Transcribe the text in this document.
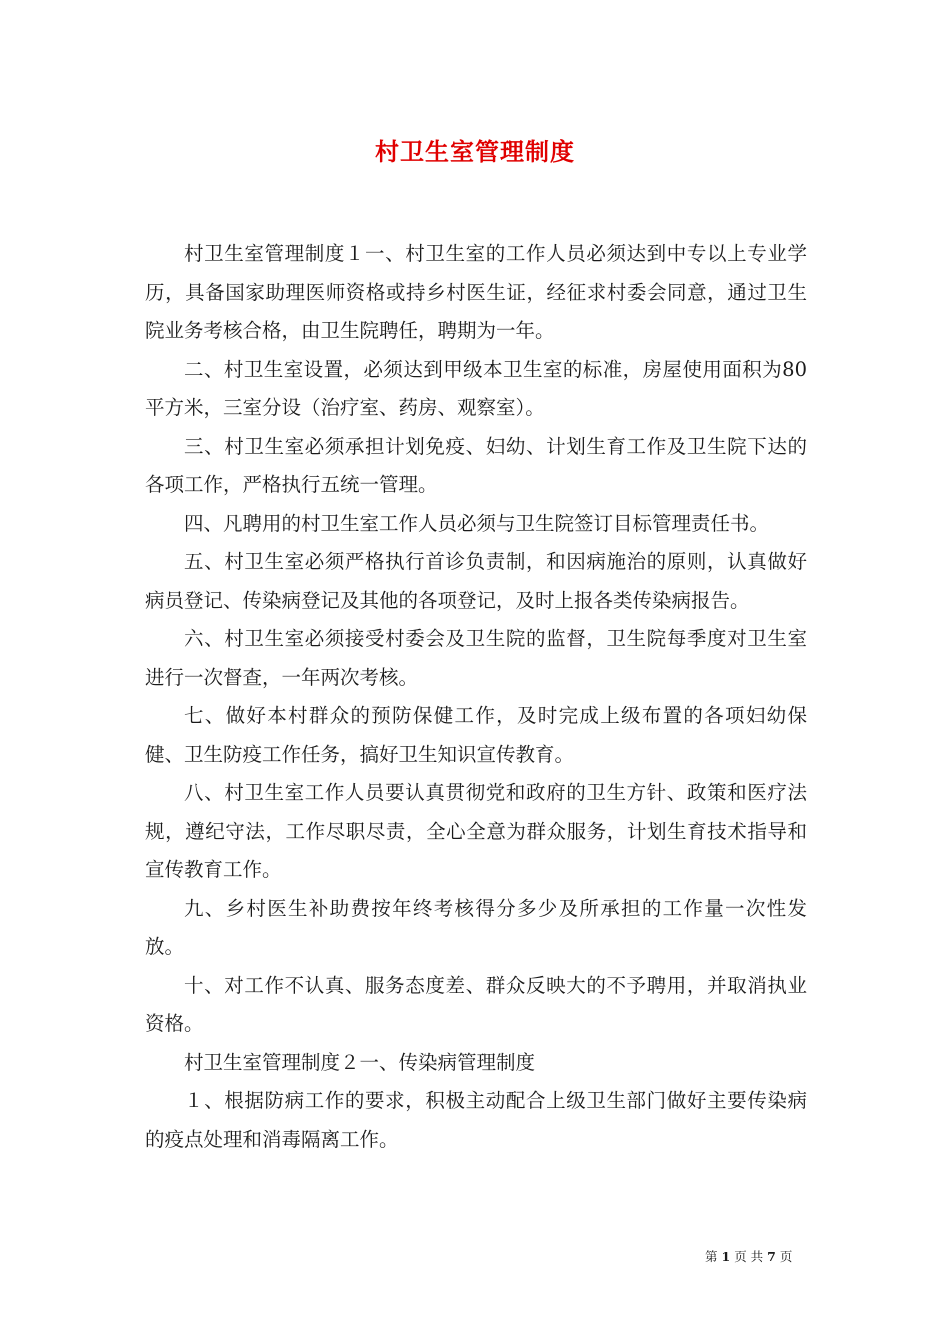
村卫生室管理制度

村卫生室管理制度１一、村卫生室的工作人员必须达到中专以上专业学历，具备国家助理医师资格或持乡村医生证，经征求村委会同意，通过卫生院业务考核合格，由卫生院聘任，聘期为一年。

二、村卫生室设置，必须达到甲级本卫生室的标准，房屋使用面积为80平方米，三室分设（治疗室、药房、观察室）。

三、村卫生室必须承担计划免疫、妇幼、计划生育工作及卫生院下达的各项工作，严格执行五统一管理。

四、凡聘用的村卫生室工作人员必须与卫生院签订目标管理责任书。

五、村卫生室必须严格执行首诊负责制，和因病施治的原则，认真做好病员登记、传染病登记及其他的各项登记，及时上报各类传染病报告。

六、村卫生室必须接受村委会及卫生院的监督，卫生院每季度对卫生室进行一次督查，一年两次考核。

七、做好本村群众的预防保健工作，及时完成上级布置的各项妇幼保健、卫生防疫工作任务，搞好卫生知识宣传教育。

八、村卫生室工作人员要认真贯彻党和政府的卫生方针、政策和医疗法规，遵纪守法，工作尽职尽责，全心全意为群众服务，计划生育技术指导和宣传教育工作。

九、乡村医生补助费按年终考核得分多少及所承担的工作量一次性发放。

十、对工作不认真、服务态度差、群众反映大的不予聘用，并取消执业资格。

村卫生室管理制度２一、传染病管理制度

１、根据防病工作的要求，积极主动配合上级卫生部门做好主要传染病的疫点处理和消毒隔离工作。

第 1 页 共 7 页
